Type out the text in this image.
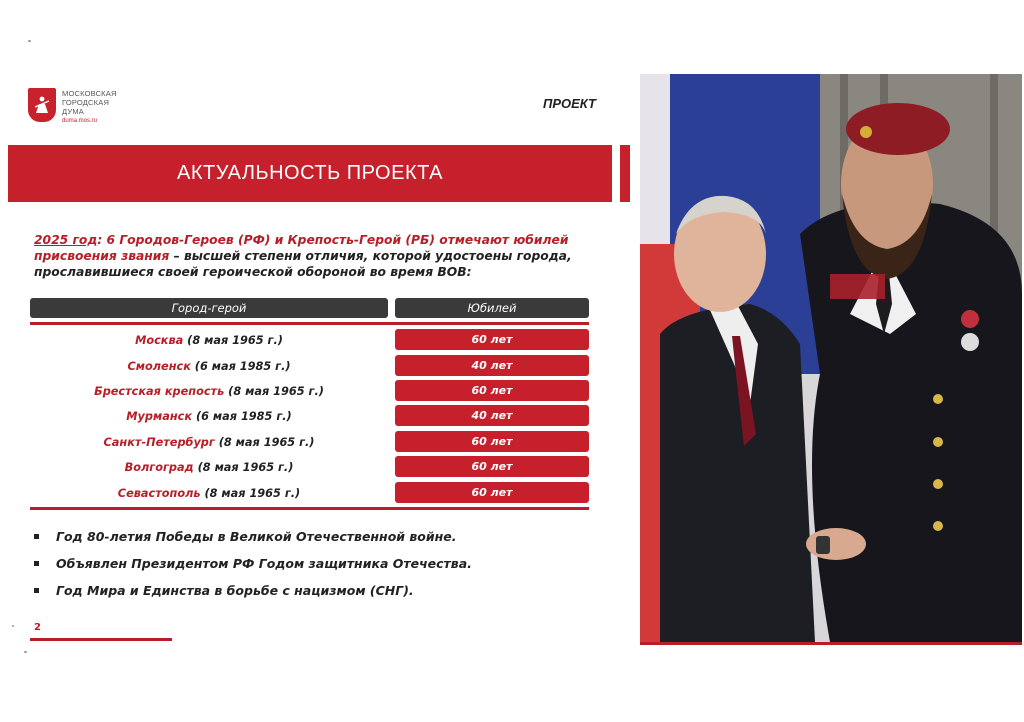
МОСКОВСКАЯ
ГОРОДСКАЯ
ДУМА
duma.mos.ru
ПРОЕКТ
АКТУАЛЬНОСТЬ ПРОЕКТА
2025 год: 6 Городов-Героев (РФ) и Крепость-Герой (РБ) отмечают юбилей присвоения звания – высшей степени отличия, которой удостоены города, прославившиеся своей героической обороной во время ВОВ:
Город-герой	Юбилей
Москва (8 мая 1965 г.)	60 лет
Смоленск (6 мая 1985 г.)	40 лет
Брестская крепость (8 мая 1965 г.)	60 лет
Мурманск (6 мая 1985 г.)	40 лет
Санкт-Петербург (8 мая 1965 г.)	60 лет
Волгоград (8 мая 1965 г.)	60 лет
Севастополь (8 мая 1965 г.)	60 лет
Год 80-летия Победы в Великой Отечественной войне.
Объявлен Президентом РФ Годом защитника Отечества.
Год Мира и Единства в борьбе с нацизмом (СНГ).
2
